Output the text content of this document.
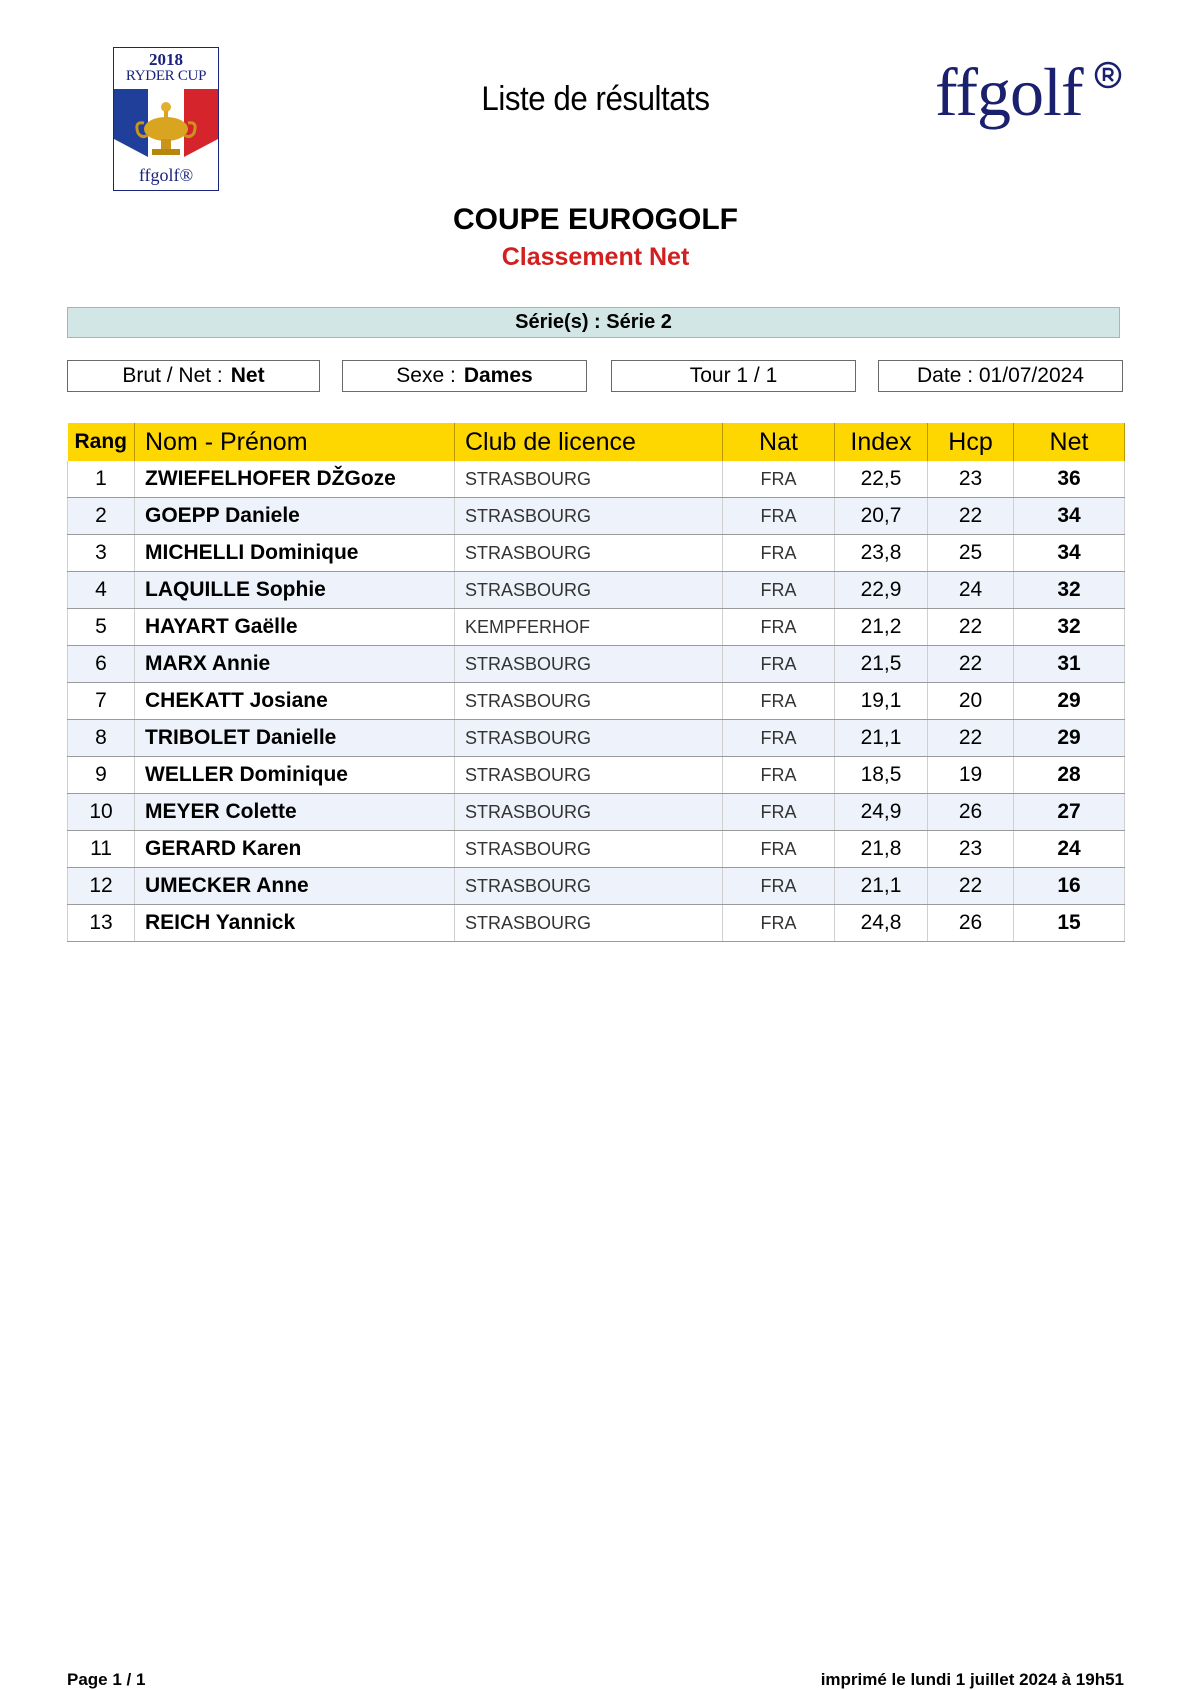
2018
RYDER CUP
ffgolf®
Liste de résultats	ffgolf
COUPE EUROGOLF
Classement Net
Série(s) : Série 2
Brut / Net : Net	Sexe : Dames	Tour 1 / 1	Date : 01/07/2024
Rang	Nom - Prénom	Club de licence	Nat	Index	Hcp	Net
1	ZWIEFELHOFER DŽGoze	STRASBOURG	FRA	22,5	23	36
2	GOEPP Daniele	STRASBOURG	FRA	20,7	22	34
3	MICHELLI Dominique	STRASBOURG	FRA	23,8	25	34
4	LAQUILLE Sophie	STRASBOURG	FRA	22,9	24	32
5	HAYART Gaëlle	KEMPFERHOF	FRA	21,2	22	32
6	MARX Annie	STRASBOURG	FRA	21,5	22	31
7	CHEKATT Josiane	STRASBOURG	FRA	19,1	20	29
8	TRIBOLET Danielle	STRASBOURG	FRA	21,1	22	29
9	WELLER Dominique	STRASBOURG	FRA	18,5	19	28
10	MEYER Colette	STRASBOURG	FRA	24,9	26	27
11	GERARD Karen	STRASBOURG	FRA	21,8	23	24
12	UMECKER Anne	STRASBOURG	FRA	21,1	22	16
13	REICH Yannick	STRASBOURG	FRA	24,8	26	15
Page 1 / 1	imprimé le lundi 1 juillet 2024 à 19h51
